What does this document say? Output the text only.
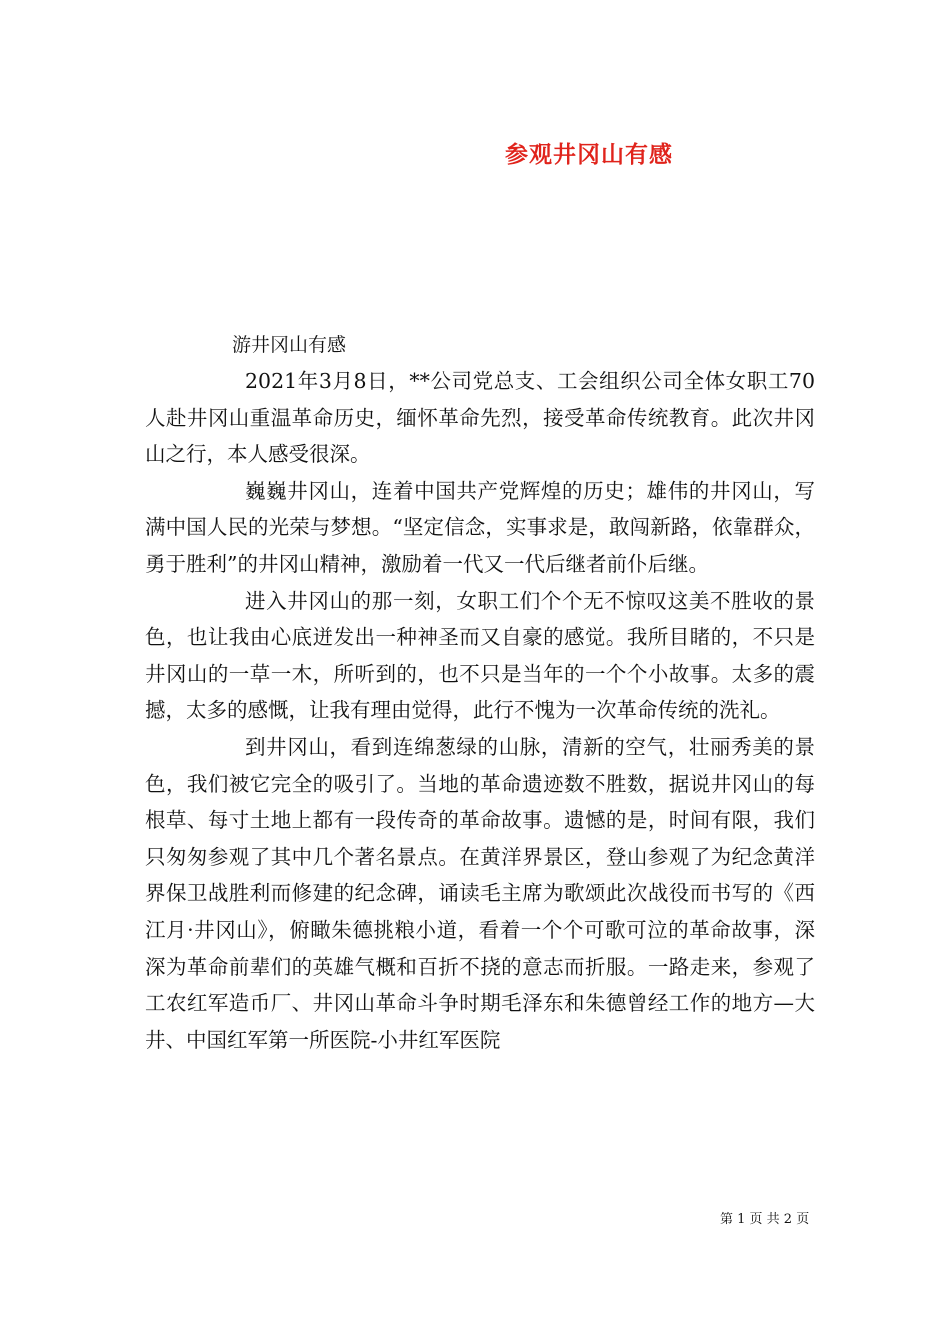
参观井冈山有感
游井冈山有感

2021年3月8日，**公司党总支、工会组织公司全体女职工70人赴井冈山重温革命历史，缅怀革命先烈，接受革命传统教育。此次井冈山之行，本人感受很深。

巍巍井冈山，连着中国共产党辉煌的历史；雄伟的井冈山，写满中国人民的光荣与梦想。“坚定信念，实事求是，敢闯新路，依靠群众，勇于胜利”的井冈山精神，激励着一代又一代后继者前仆后继。

进入井冈山的那一刻，女职工们个个无不惊叹这美不胜收的景色，也让我由心底迸发出一种神圣而又自豪的感觉。我所目睹的，不只是井冈山的一草一木，所听到的，也不只是当年的一个个小故事。太多的震撼，太多的感慨，让我有理由觉得，此行不愧为一次革命传统的洗礼。

到井冈山，看到连绵葱绿的山脉，清新的空气，壮丽秀美的景色，我们被它完全的吸引了。当地的革命遗迹数不胜数，据说井冈山的每根草、每寸土地上都有一段传奇的革命故事。遗憾的是，时间有限，我们只匆匆参观了其中几个著名景点。在黄洋界景区，登山参观了为纪念黄洋界保卫战胜利而修建的纪念碑，诵读毛主席为歌颂此次战役而书写的《西江月·井冈山》，俯瞰朱德挑粮小道，看着一个个可歌可泣的革命故事，深深为革命前辈们的英雄气概和百折不挠的意志而折服。一路走来，参观了工农红军造币厂、井冈山革命斗争时期毛泽东和朱德曾经工作的地方—大井、中国红军第一所医院-小井红军医院

第 1 页 共 2 页
